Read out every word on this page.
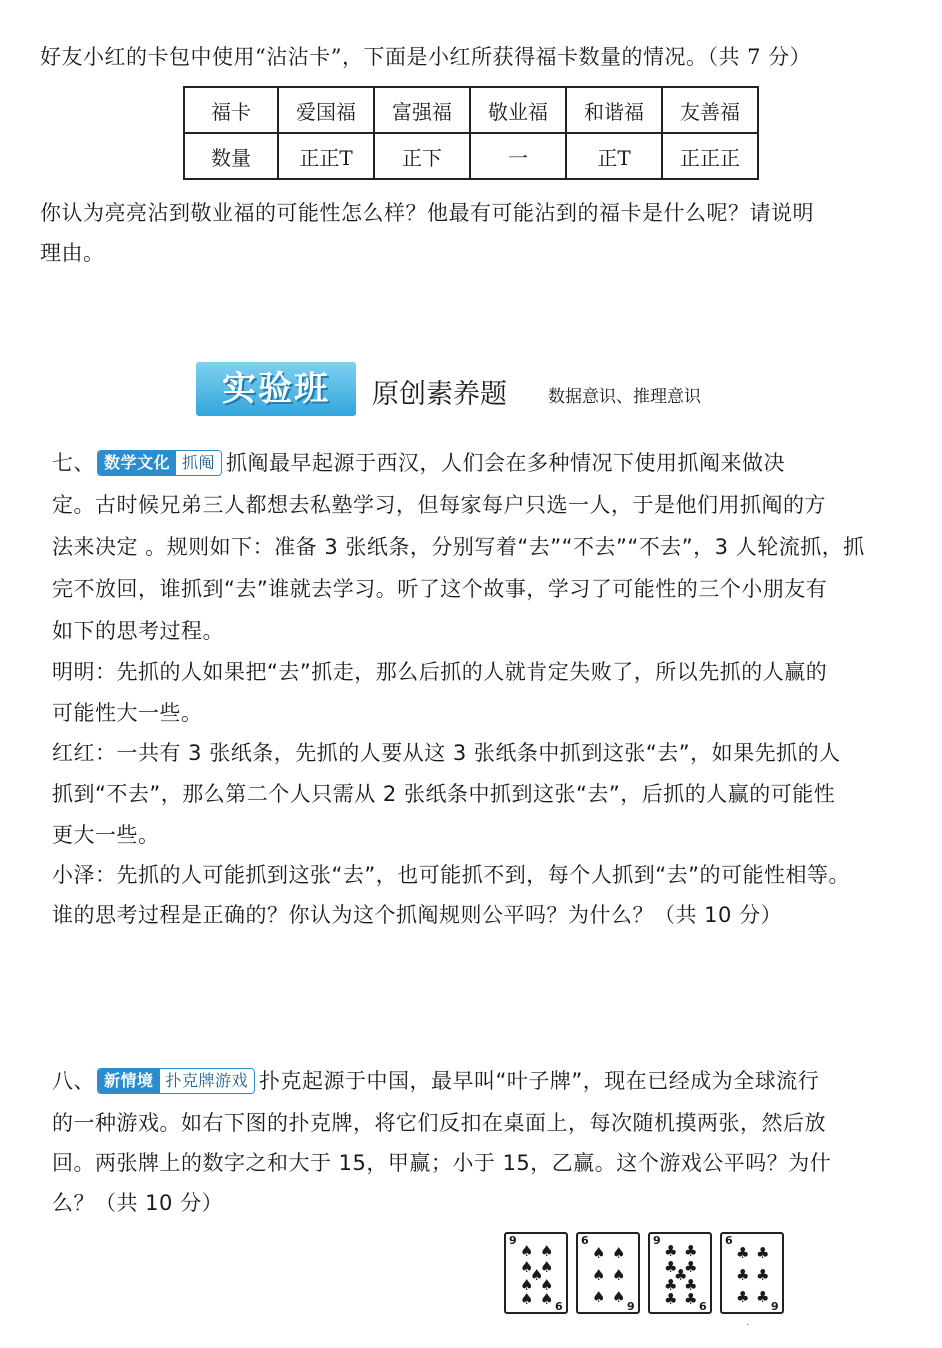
好友小红的卡包中使用“沾沾卡”，下面是小红所获得福卡数量的情况。（共 7 分）
福卡	爱国福	富强福	敬业福	和谐福	友善福
数量	正正T	正下	一	正T	正正正
你认为亮亮沾到敬业福的可能性怎么样？他最有可能沾到的福卡是什么呢？请说明
理由。
实验班	原创素养题 数据意识、推理意识
七、 数学文化 抓阄 抓阄最早起源于西汉，人们会在多种情况下使用抓阄来做决
定。古时候兄弟三人都想去私塾学习，但每家每户只选一人，于是他们用抓阄的方
法来决定 。规则如下：准备 3 张纸条，分别写着“去”“不去”“不去”，3 人轮流抓，抓
完不放回，谁抓到“去”谁就去学习。听了这个故事，学习了可能性的三个小朋友有
如下的思考过程。
明明：先抓的人如果把“去”抓走，那么后抓的人就肯定失败了，所以先抓的人赢的
可能性大一些。
红红：一共有 3 张纸条，先抓的人要从这 3 张纸条中抓到这张“去”，如果先抓的人
抓到“不去”，那么第二个人只需从 2 张纸条中抓到这张“去”，后抓的人赢的可能性
更大一些。
小泽：先抓的人可能抓到这张“去”，也可能抓不到，每个人抓到“去”的可能性相等。
谁的思考过程是正确的？你认为这个抓阄规则公平吗？为什么？（共 10 分）
八、 新情境 扑克牌游戏 扑克起源于中国，最早叫“叶子牌”，现在已经成为全球流行
的一种游戏。如右下图的扑克牌，将它们反扣在桌面上，每次随机摸两张，然后放
回。两张牌上的数字之和大于 15，甲赢；小于 15，乙赢。这个游戏公平吗？为什
么？（共 10 分）
9
9
♠ ♠
♠ ♠
♠
♠ ♠
♠ ♠
6
6
♠ ♠
♠ ♠
♠ ♠
9
9
♣ ♣
♣ ♣
♣
♣ ♣
♣ ♣
6
6
♣ ♣
♣ ♣
♣ ♣
·
